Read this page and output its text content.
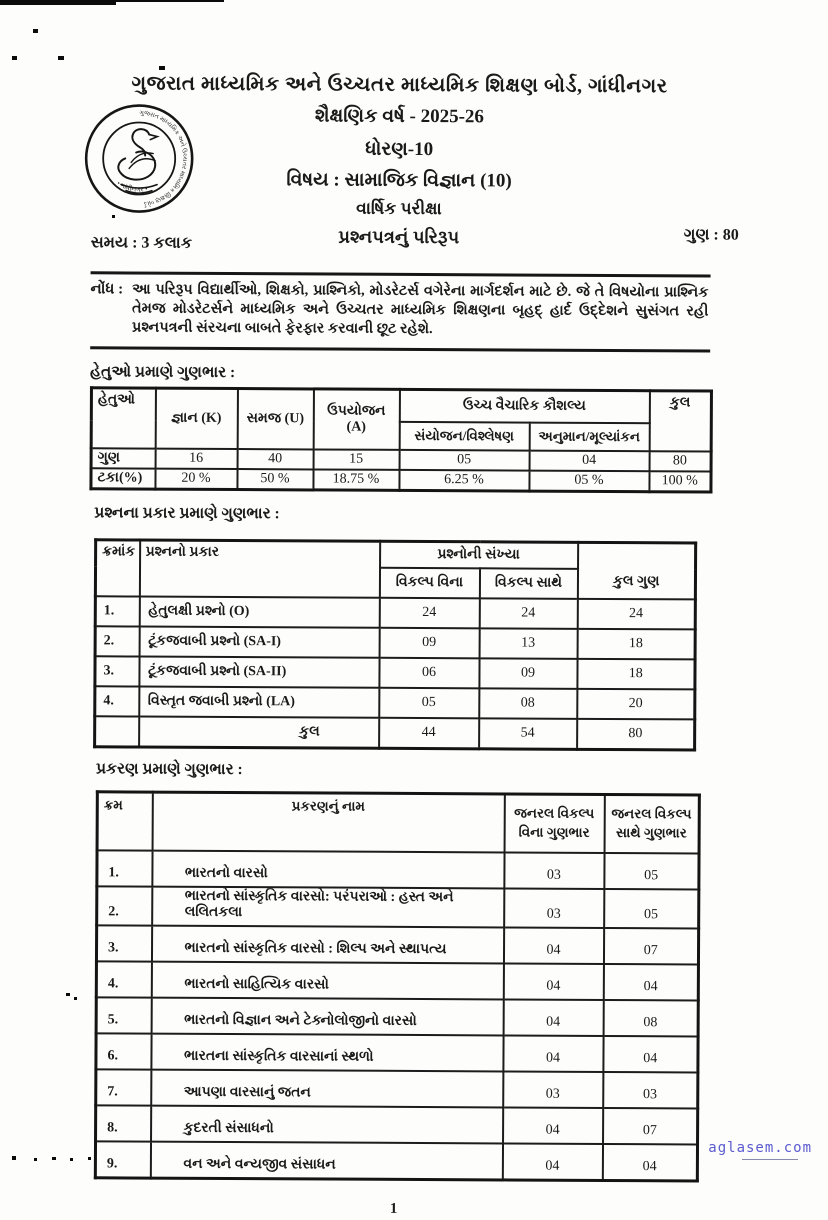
ગુજરાત માધ્યમિક અને ઉચ્ચતર માધ્યમિક શિક્ષણ બોર્ડ
• ગાંધીનગર •
ગુજરાત માધ્યમિક અને ઉચ્ચતર માધ્યમિક શિક્ષણ બોર્ડ, ગાંધીનગર
શૈક્ષણિક વર્ષ - 2025-26
ધોરણ-10
વિષય : સામાજિક વિજ્ઞાન (10)
વાર્ષિક પરીક્ષા
સમય : 3 કલાક	પ્રશ્નપત્રનું પરિરૂપ	ગુણ : 80
નોંધ : આ પરિરૂપ વિદ્યાર્થીઓ, શિક્ષકો, પ્રાશ્નિકો, મોડરેટર્સ વગેરેના માર્ગદર્શન માટે છે. જે તે વિષયોના પ્રાશ્નિક તેમજ મોડરેટર્સને માધ્યમિક અને ઉચ્ચતર માધ્યમિક શિક્ષણના બૃહદ્ હાર્દ ઉદ્દેશને સુસંગત રહી પ્રશ્નપત્રની સંરચના બાબતે ફેરફાર કરવાની છૂટ રહેશે.
હેતુઓ પ્રમાણે ગુણભાર :
હેતુઓ	જ્ઞાન (K)	સમજ (U)	ઉપયોજન (A)	ઉચ્ચ વૈચારિક કૌશલ્ય		કુલ
				સંયોજન/વિશ્લેષણ	અનુમાન/મૂલ્યાંકન	
ગુણ	16	40	15	05	04	80
ટકા(%)	20 %	50 %	18.75 %	6.25 %	05 %	100 %
પ્રશ્નના પ્રકાર પ્રમાણે ગુણભાર :
ક્રમાંક	પ્રશ્નનો પ્રકાર	પ્રશ્નોની સંખ્યા		કુલ ગુણ
		વિકલ્પ વિના	વિકલ્પ સાથે	
1.	હેતુલક્ષી પ્રશ્નો (O)	24	24	24
2.	ટૂંકજવાબી પ્રશ્નો (SA-I)	09	13	18
3.	ટૂંકજવાબી પ્રશ્નો (SA-II)	06	09	18
4.	વિસ્તૃત જવાબી પ્રશ્નો (LA)	05	08	20
	કુલ	44	54	80
પ્રકરણ પ્રમાણે ગુણભાર :
ક્રમ	પ્રકરણનું નામ	જનરલ વિકલ્પ વિના ગુણભાર	જનરલ વિકલ્પ સાથે ગુણભાર
1.	ભારતનો વારસો	03	05
2.	ભારતનો સાંસ્કૃતિક વારસો: પરંપરાઓ : હસ્ત અને લલિતકલા	03	05
3.	ભારતનો સાંસ્કૃતિક વારસો : શિલ્પ અને સ્થાપત્ય	04	07
4.	ભારતનો સાહિત્યિક વારસો	04	04
5.	ભારતનો વિજ્ઞાન અને ટેક્નોલોજીનો વારસો	04	08
6.	ભારતના સાંસ્કૃતિક વારસાનાં સ્થળો	04	04
7.	આપણા વારસાનું જતન	03	03
8.	કુદરતી સંસાધનો	04	07
9.	વન અને વન્યજીવ સંસાધન	04	04
1
aglasem.com
